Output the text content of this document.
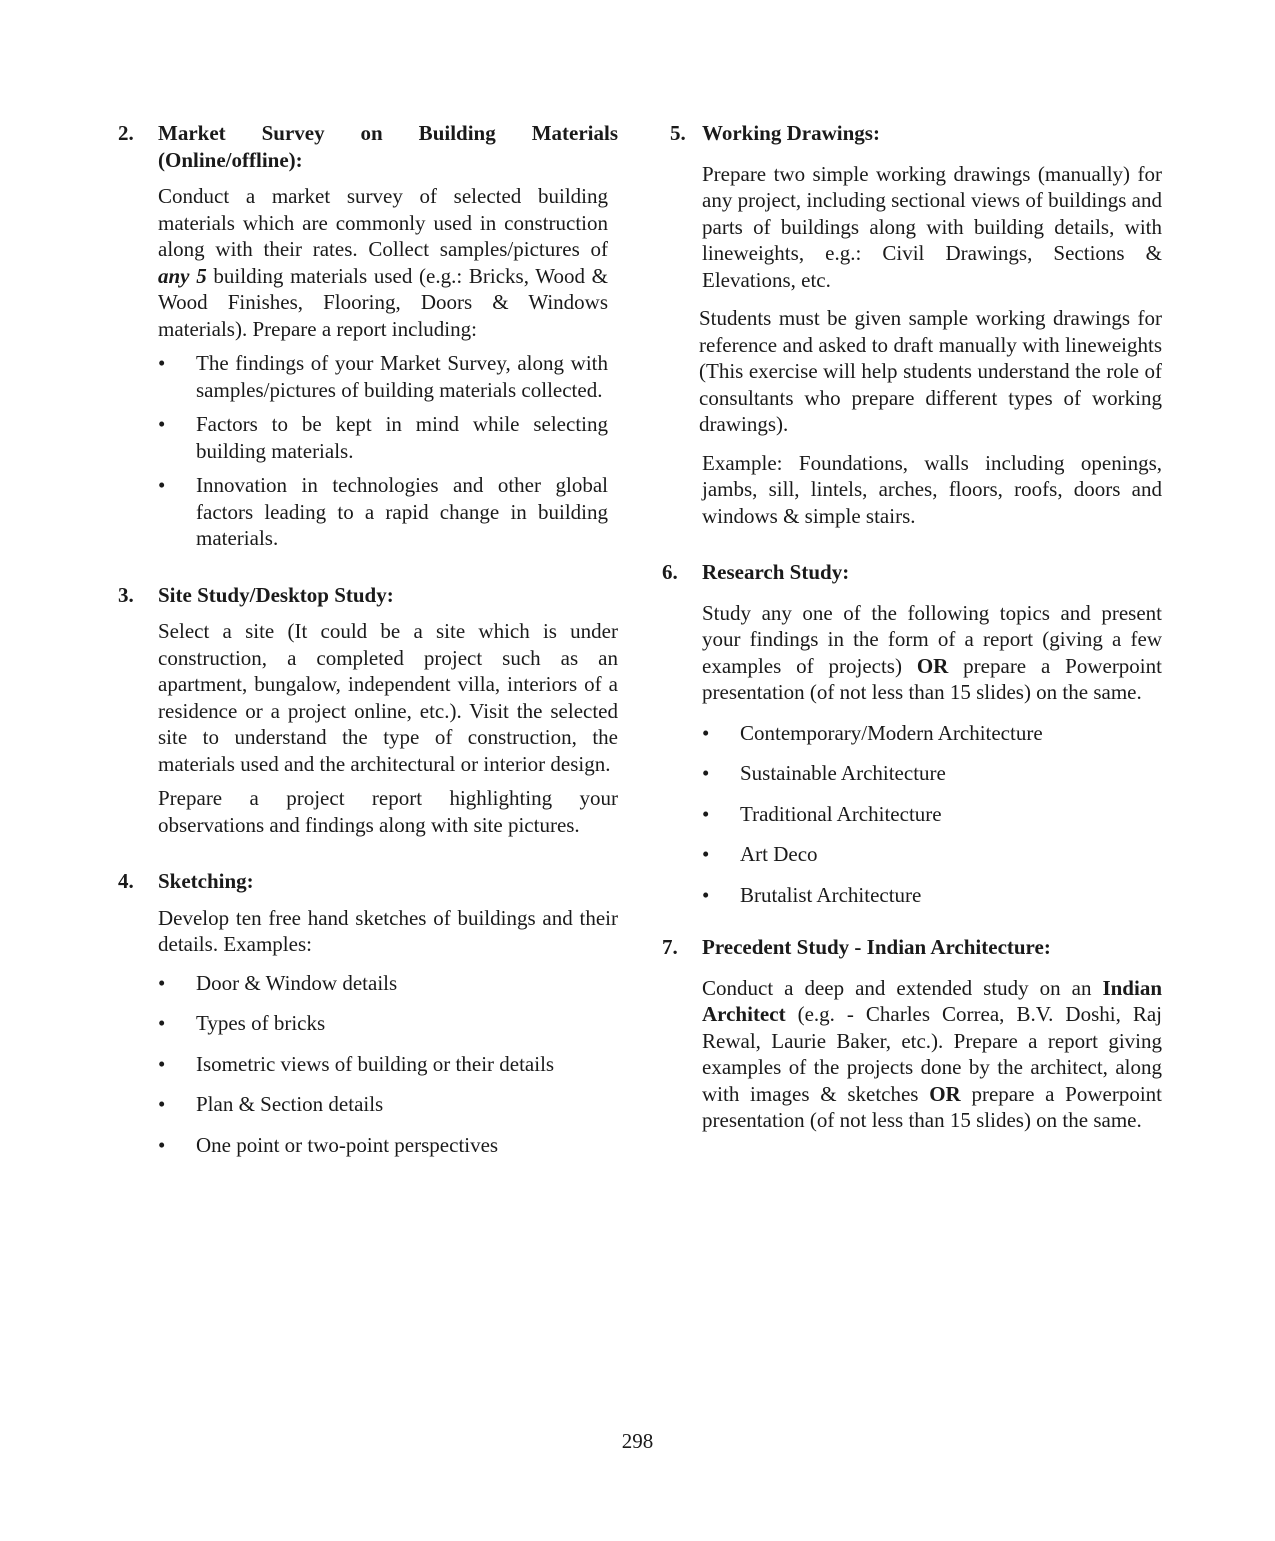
2. Market Survey on Building Materials (Online/offline):

Conduct a market survey of selected building materials which are commonly used in construction along with their rates. Collect samples/pictures of any 5 building materials used (e.g.: Bricks, Wood & Wood Finishes, Flooring, Doors & Windows materials). Prepare a report including:

• The findings of your Market Survey, along with samples/pictures of building materials collected.
• Factors to be kept in mind while selecting building materials.
• Innovation in technologies and other global factors leading to a rapid change in building materials.
3. Site Study/Desktop Study:

Select a site (It could be a site which is under construction, a completed project such as an apartment, bungalow, independent villa, interiors of a residence or a project online, etc.). Visit the selected site to understand the type of construction, the materials used and the architectural or interior design.

Prepare a project report highlighting your observations and findings along with site pictures.

4. Sketching:

Develop ten free hand sketches of buildings and their details. Examples:

• Door & Window details
• Types of bricks
• Isometric views of building or their details
• Plan & Section details
• One point or two-point perspectives
5. Working Drawings:

Prepare two simple working drawings (manually) for any project, including sectional views of buildings and parts of buildings along with building details, with lineweights, e.g.: Civil Drawings, Sections & Elevations, etc.

Students must be given sample working drawings for reference and asked to draft manually with lineweights (This exercise will help students understand the role of consultants who prepare different types of working drawings).

Example: Foundations, walls including openings, jambs, sill, lintels, arches, floors, roofs, doors and windows & simple stairs.

6. Research Study:

Study any one of the following topics and present your findings in the form of a report (giving a few examples of projects) OR prepare a Powerpoint presentation (of not less than 15 slides) on the same.

• Contemporary/Modern Architecture
• Sustainable Architecture
• Traditional Architecture
• Art Deco
• Brutalist Architecture
7. Precedent Study - Indian Architecture:

Conduct a deep and extended study on an Indian Architect (e.g. - Charles Correa, B.V. Doshi, Raj Rewal, Laurie Baker, etc.). Prepare a report giving examples of the projects done by the architect, along with images & sketches OR prepare a Powerpoint presentation (of not less than 15 slides) on the same.

298
